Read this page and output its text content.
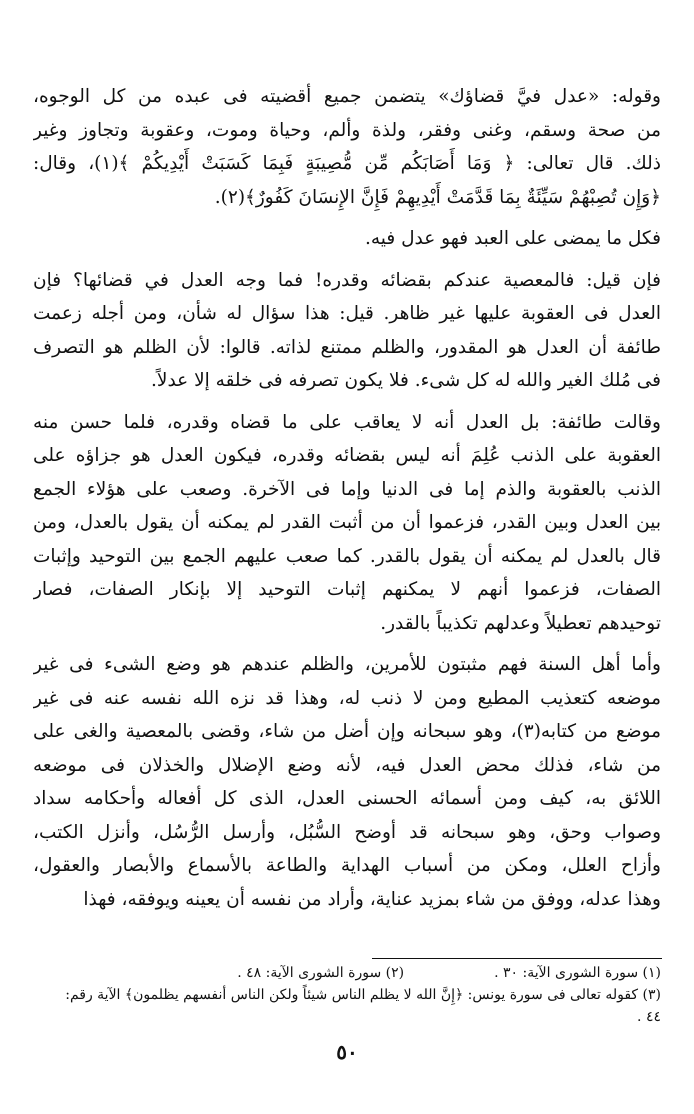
وقوله: «عدل فيَّ قضاؤك» يتضمن جميع أقضيته فى عبده من كل الوجوه،
من صحة وسقم، وغنى وفقر، ولذة وألم، وحياة وموت، وعقوبة وتجاوز وغير
ذلك. قال تعالى: ﴿ وَمَا أَصَابَكُم مِّن مُّصِيبَةٍ فَبِمَا كَسَبَتْ أَيْدِيكُمْ ﴾(١)، وقال:
﴿وَإِن تُصِبْهُمْ سَيِّئَةٌ بِمَا قَدَّمَتْ أَيْدِيهِمْ فَإِنَّ الإِنسَانَ كَفُورٌ﴾(٢).

فكل ما يمضى على العبد فهو عدل فيه.

فإن قيل: فالمعصية عندكم بقضائه وقدره! فما وجه العدل في قضائها؟ فإن
العدل فى العقوبة عليها غير ظاهر. قيل: هذا سؤال له شأن، ومن أجله زعمت
طائفة أن العدل هو المقدور، والظلم ممتنع لذاته. قالوا: لأن الظلم هو التصرف
فى مُلك الغير والله له كل شىء. فلا يكون تصرفه فى خلقه إلا عدلاً.

وقالت طائفة: بل العدل أنه لا يعاقب على ما قضاه وقدره، فلما حسن منه
العقوبة على الذنب عُلِمَ أنه ليس بقضائه وقدره، فيكون العدل هو جزاؤه على
الذنب بالعقوبة والذم إما فى الدنيا وإما فى الآخرة. وصعب على هؤلاء الجمع
بين العدل وبين القدر، فزعموا أن من أثبت القدر لم يمكنه أن يقول بالعدل، ومن
قال بالعدل لم يمكنه أن يقول بالقدر. كما صعب عليهم الجمع بين التوحيد وإثبات
الصفات، فزعموا أنهم لا يمكنهم إثبات التوحيد إلا بإنكار الصفات، فصار
توحيدهم تعطيلاً وعدلهم تكذيباً بالقدر.

وأما أهل السنة فهم مثبتون للأمرين، والظلم عندهم هو وضع الشىء فى غير
موضعه كتعذيب المطيع ومن لا ذنب له، وهذا قد نزه الله نفسه عنه فى غير
موضع من كتابه(٣)، وهو سبحانه وإن أضل من شاء، وقضى بالمعصية والغى على
من شاء، فذلك محض العدل فيه، لأنه وضع الإضلال والخذلان فى موضعه
اللائق به، كيف ومن أسمائه الحسنى العدل، الذى كل أفعاله وأحكامه سداد
وصواب وحق، وهو سبحانه قد أوضح السُّبُل، وأرسل الرُّسُل، وأنزل الكتب،
وأزاح العلل، ومكن من أسباب الهداية والطاعة بالأسماع والأبصار والعقول،
وهذا عدله، ووفق من شاء بمزيد عناية، وأراد من نفسه أن يعينه ويوفقه، فهذا

(١) سورة الشورى الآية: ٣٠ .
(٢) سورة الشورى الآية: ٤٨ .
(٣) كقوله تعالى فى سورة يونس: ﴿إِنَّ الله لا يظلم الناس شيئاً ولكن الناس أنفسهم يظلمون﴾ الآية رقم:
٤٤ .
٥٠
